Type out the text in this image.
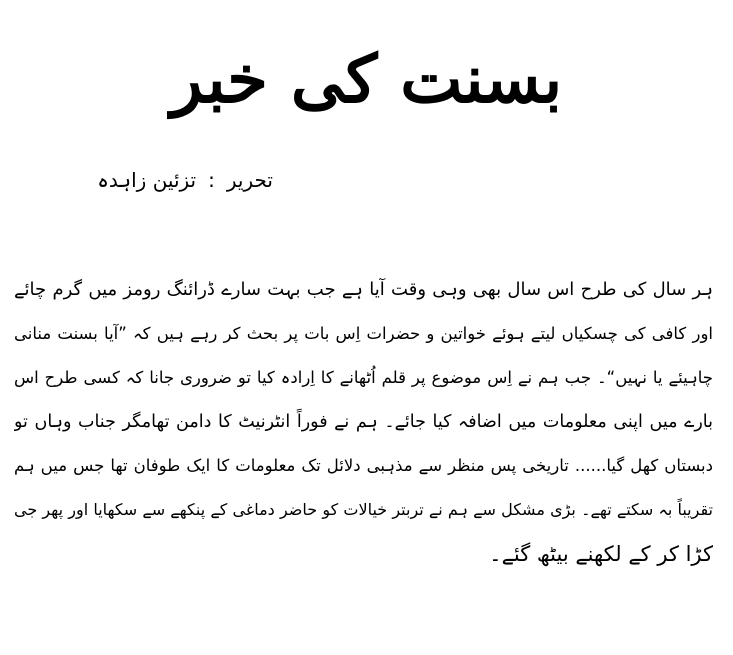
بسنت کی خبر
تحریر:تزئین زاہدہ
ہر سال کی طرح اس سال بھی وہی وقت آیا ہے جب بہت سارے ڈرائنگ رومز میں گرم چائے
اور کافی کی چسکیاں لیتے ہوئے خواتین و حضرات اِس بات پر بحث کر رہے ہیں کہ ”آیا بسنت منانی
چاہیئے یا نہیں“۔ جب ہم نے اِس موضوع پر قلم اُٹھانے کا اِرادہ کیا تو ضروری جانا کہ کسی طرح اس
بارے میں اپنی معلومات میں اضافہ کیا جائے۔ ہم نے فوراً انٹرنیٹ کا دامن تھامگر جناب وہاں تو
دبستاں کھل گیا...... تاریخی پس منظر سے مذہبی دلائل تک معلومات کا ایک طوفان تھا جس میں ہم
تقریباً بہ سکتے تھے۔ بڑی مشکل سے ہم نے تربتر خیالات کو حاضر دماغی کے پنکھے سے سکھایا اور پھر جی
کڑا کر کے لکھنے بیٹھ گئے۔
